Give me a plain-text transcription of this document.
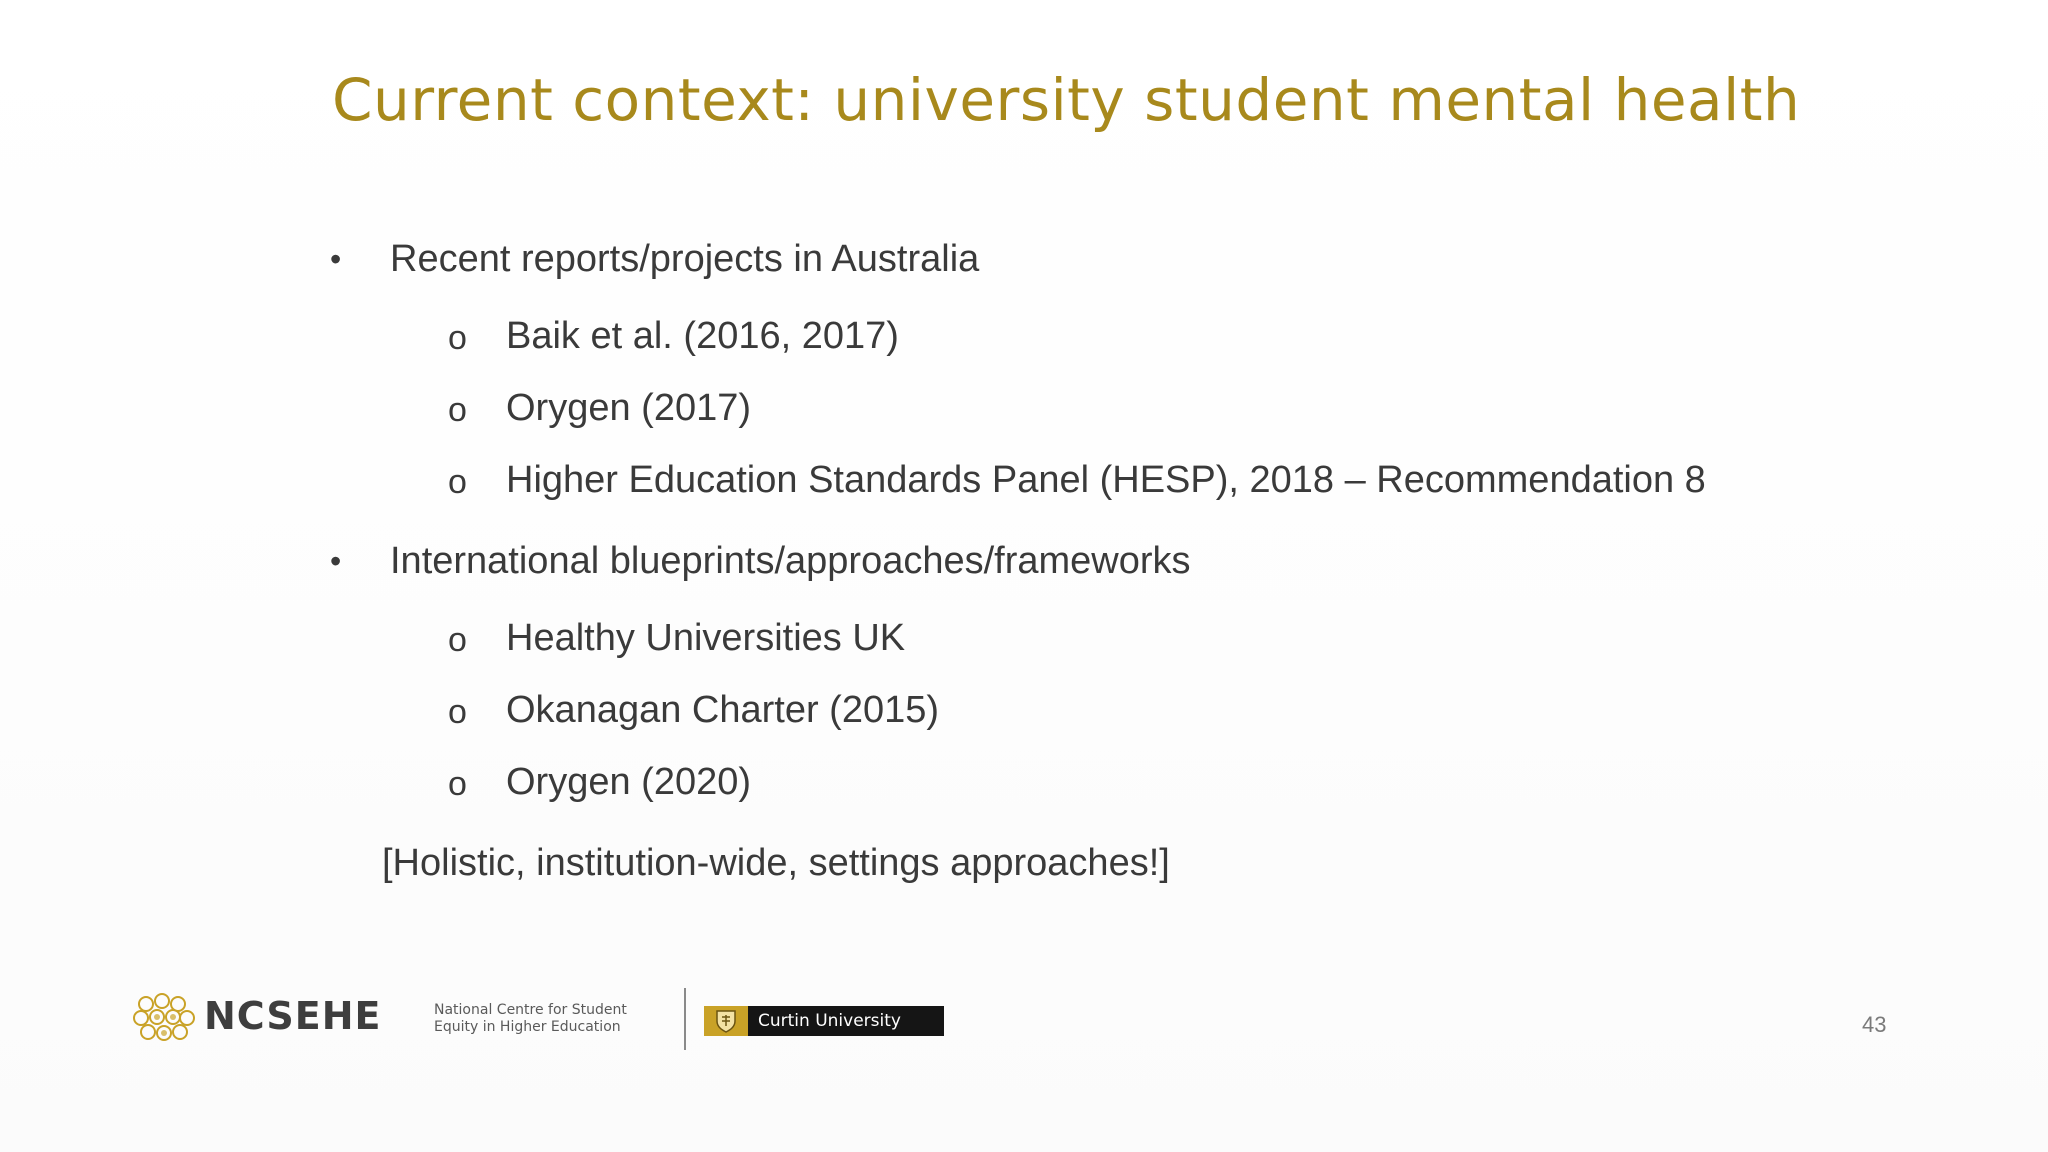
Current context: university student mental health
• Recent reports/projects in Australia
o Baik et al. (2016, 2017)
o Orygen (2017)
o Higher Education Standards Panel (HESP), 2018 – Recommendation 8
• International blueprints/approaches/frameworks
o Healthy Universities UK
o Okanagan Charter (2015)
o Orygen (2020)
[Holistic, institution-wide, settings approaches!]
NCSEHE	National Centre for Student
Equity in Higher Education	Curtin University	43
